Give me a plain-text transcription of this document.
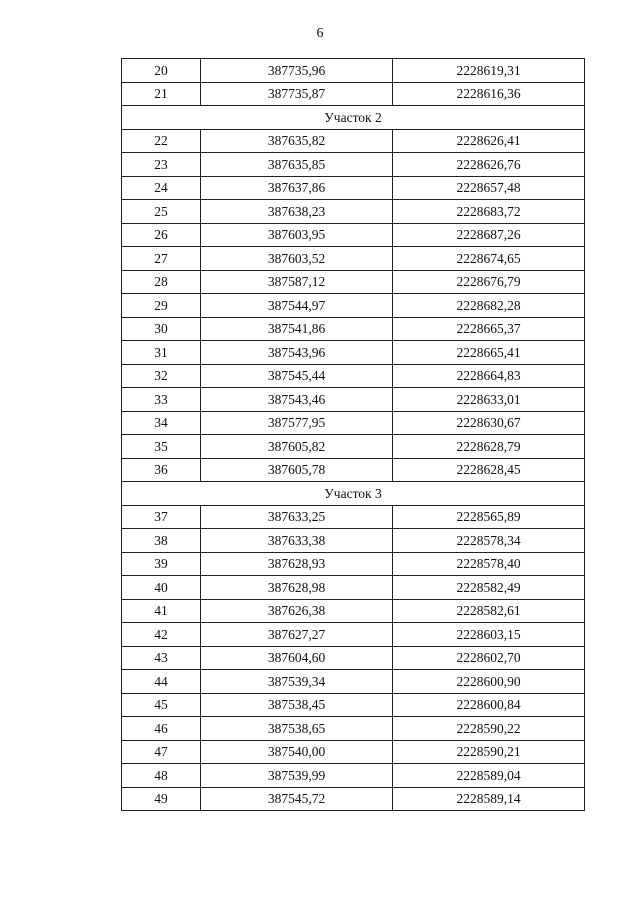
6
20	387735,96	2228619,31
21	387735,87	2228616,36
Участок 2		
22	387635,82	2228626,41
23	387635,85	2228626,76
24	387637,86	2228657,48
25	387638,23	2228683,72
26	387603,95	2228687,26
27	387603,52	2228674,65
28	387587,12	2228676,79
29	387544,97	2228682,28
30	387541,86	2228665,37
31	387543,96	2228665,41
32	387545,44	2228664,83
33	387543,46	2228633,01
34	387577,95	2228630,67
35	387605,82	2228628,79
36	387605,78	2228628,45
Участок 3		
37	387633,25	2228565,89
38	387633,38	2228578,34
39	387628,93	2228578,40
40	387628,98	2228582,49
41	387626,38	2228582,61
42	387627,27	2228603,15
43	387604,60	2228602,70
44	387539,34	2228600,90
45	387538,45	2228600,84
46	387538,65	2228590,22
47	387540,00	2228590,21
48	387539,99	2228589,04
49	387545,72	2228589,14
